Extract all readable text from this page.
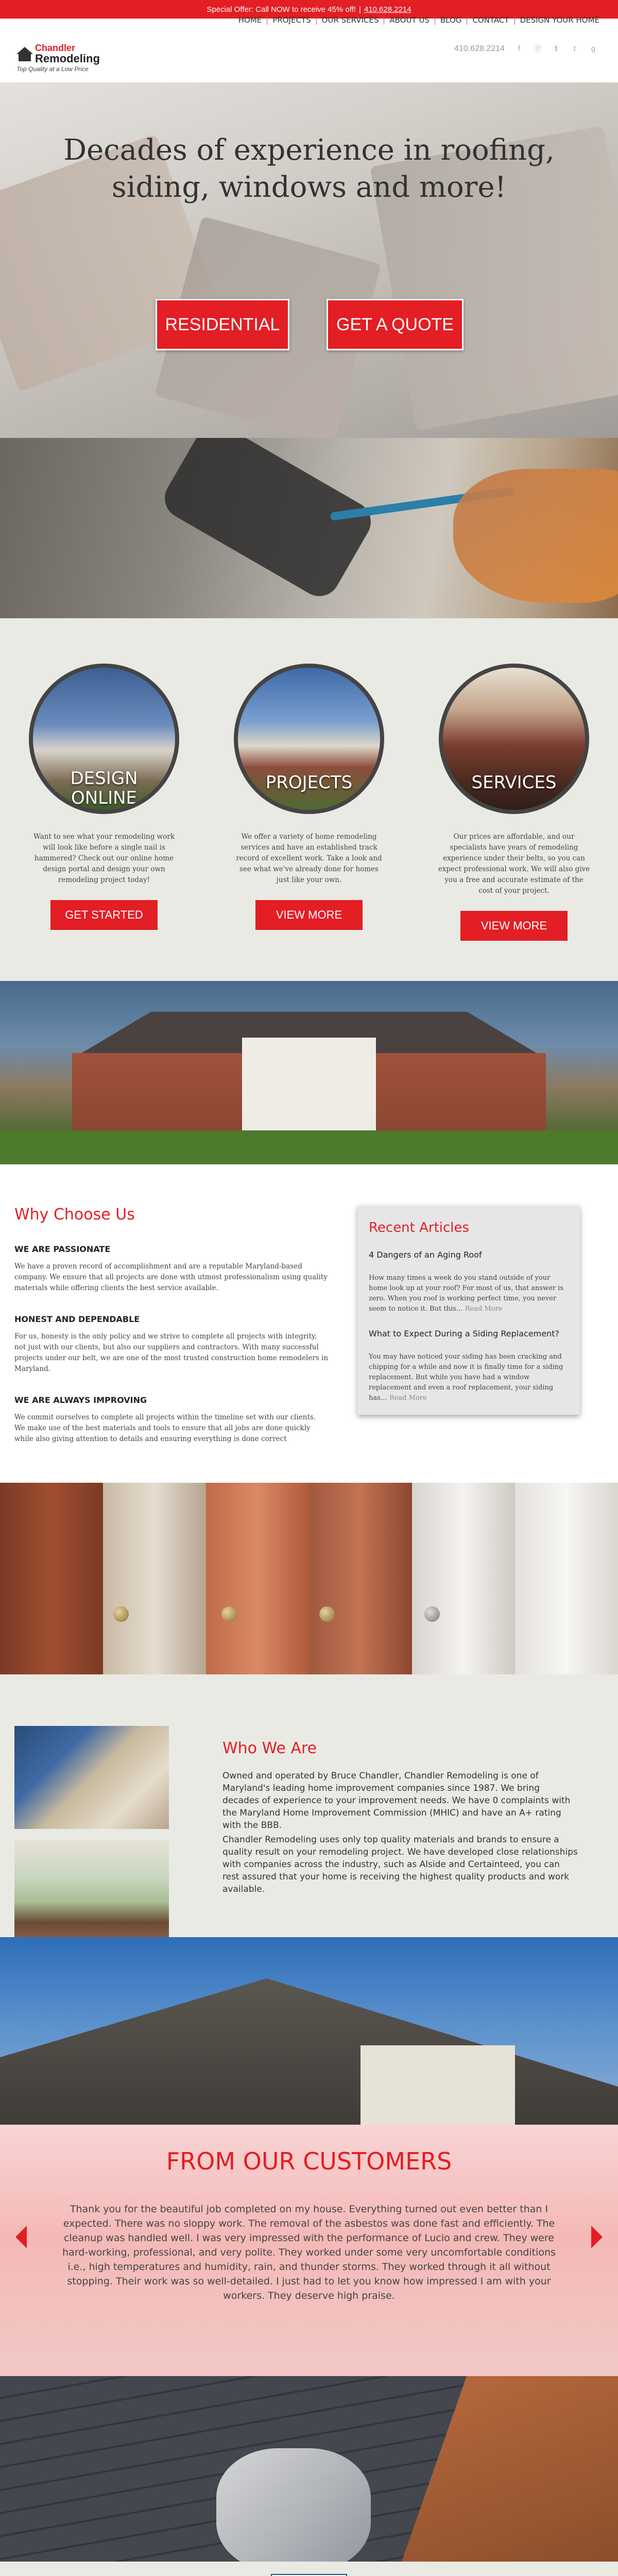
Special Offer: Call NOW to receive 45% off! | 410.628.2214
Chandler
Remodeling
Top Quality at a Low Price
410.628.2214	f	Ⓟ	𝐭	t	g
HOME	PROJECTS	OUR SERVICES	ABOUT US	BLOG	CONTACT	DESIGN YOUR HOME
Decades of experience in roofing,
siding, windows and more!
RESIDENTIAL	GET A QUOTE
DESIGN
ONLINE

Want to see what your remodeling work will look like before a single nail is hammered? Check out our online home design portal and design your own remodeling project today!

GET STARTED
PROJECTS

We offer a variety of home remodeling services and have an established track record of excellent work. Take a look and see what we've already done for homes just like your own.

VIEW MORE
SERVICES

Our prices are affordable, and our specialists have years of remodeling experience under their belts, so you can expect professional work. We will also give you a free and accurate estimate of the cost of your project.

VIEW MORE
Why Choose Us
WE ARE PASSIONATE

We have a proven record of accomplishment and are a reputable Maryland-based company. We ensure that all projects are done with utmost professionalism using quality materials while offering clients the best service available.

HONEST AND DEPENDABLE

For us, honesty is the only policy and we strive to complete all projects with integrity, not just with our clients, but also our suppliers and contractors. With many successful projects under our belt, we are one of the most trusted construction home remodelers in Maryland.

WE ARE ALWAYS IMPROVING

We commit ourselves to complete all projects within the timeline set with our clients. We make use of the best materials and tools to ensure that all jobs are done quickly while also giving attention to details and ensuring everything is done correct

Recent Articles
4 Dangers of an Aging Roof

How many times a week do you stand outside of your home look up at your roof? For most of us, that answer is zero. When you roof is working perfect time, you never seem to notice it. But this… Read More

What to Expect During a Siding Replacement?

You may have noticed your siding has been cracking and chipping for a while and now it is finally time for a siding replacement. But while you have had a window replacement and even a roof replacement, your siding has… Read More

Who We Are

Owned and operated by Bruce Chandler, Chandler Remodeling is one of Maryland's leading home improvement companies since 1987. We bring decades of experience to your improvement needs. We have 0 complaints with the Maryland Home Improvement Commission (MHIC) and have an A+ rating with the BBB.

Chandler Remodeling uses only top quality materials and brands to ensure a quality result on your remodeling project. We have developed close relationships with companies across the industry, such as Alside and Certainteed, you can rest assured that your home is receiving the highest quality products and work available.

FROM OUR CUSTOMERS

Thank you for the beautiful job completed on my house. Everything turned out even better than I expected. There was no sloppy work. The removal of the asbestos was done fast and efficiently. The cleanup was handled well. I was very impressed with the performance of Lucio and crew. They were hard-working, professional, and very polite. They worked under some very uncomfortable conditions i.e., high temperatures and humidity, rain, and thunder storms. They worked through it all without stopping. Their work was so well-detailed. I just had to let you know how impressed I am with your workers. They deserve high praise.
